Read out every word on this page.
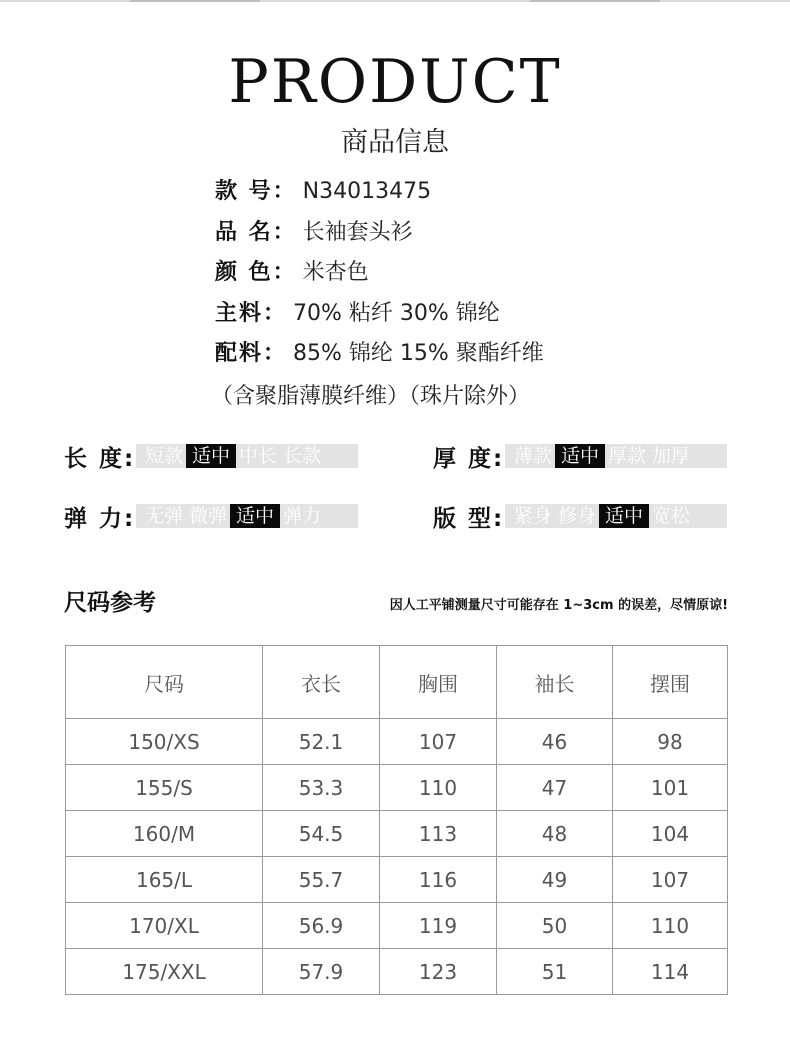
PRODUCT
商品信息
款 号： N34013475
品 名： 长袖套头衫
颜 色： 米杏色
主料： 70% 粘纤 30% 锦纶
配料： 85% 锦纶 15% 聚酯纤维
（含聚脂薄膜纤维）（珠片除外）
长 度: 短款 适中 中长 长款	厚 度: 薄款 适中 厚款 加厚
弹 力: 无弹 微弹 适中 弹力	版 型: 紧身 修身 适中 宽松
尺码参考	因人工平铺测量尺寸可能存在 1~3cm 的误差，尽情原谅!
尺码	衣长	胸围	袖长	摆围
150/XS	52.1	107	46	98
155/S	53.3	110	47	101
160/M	54.5	113	48	104
165/L	55.7	116	49	107
170/XL	56.9	119	50	110
175/XXL	57.9	123	51	114
